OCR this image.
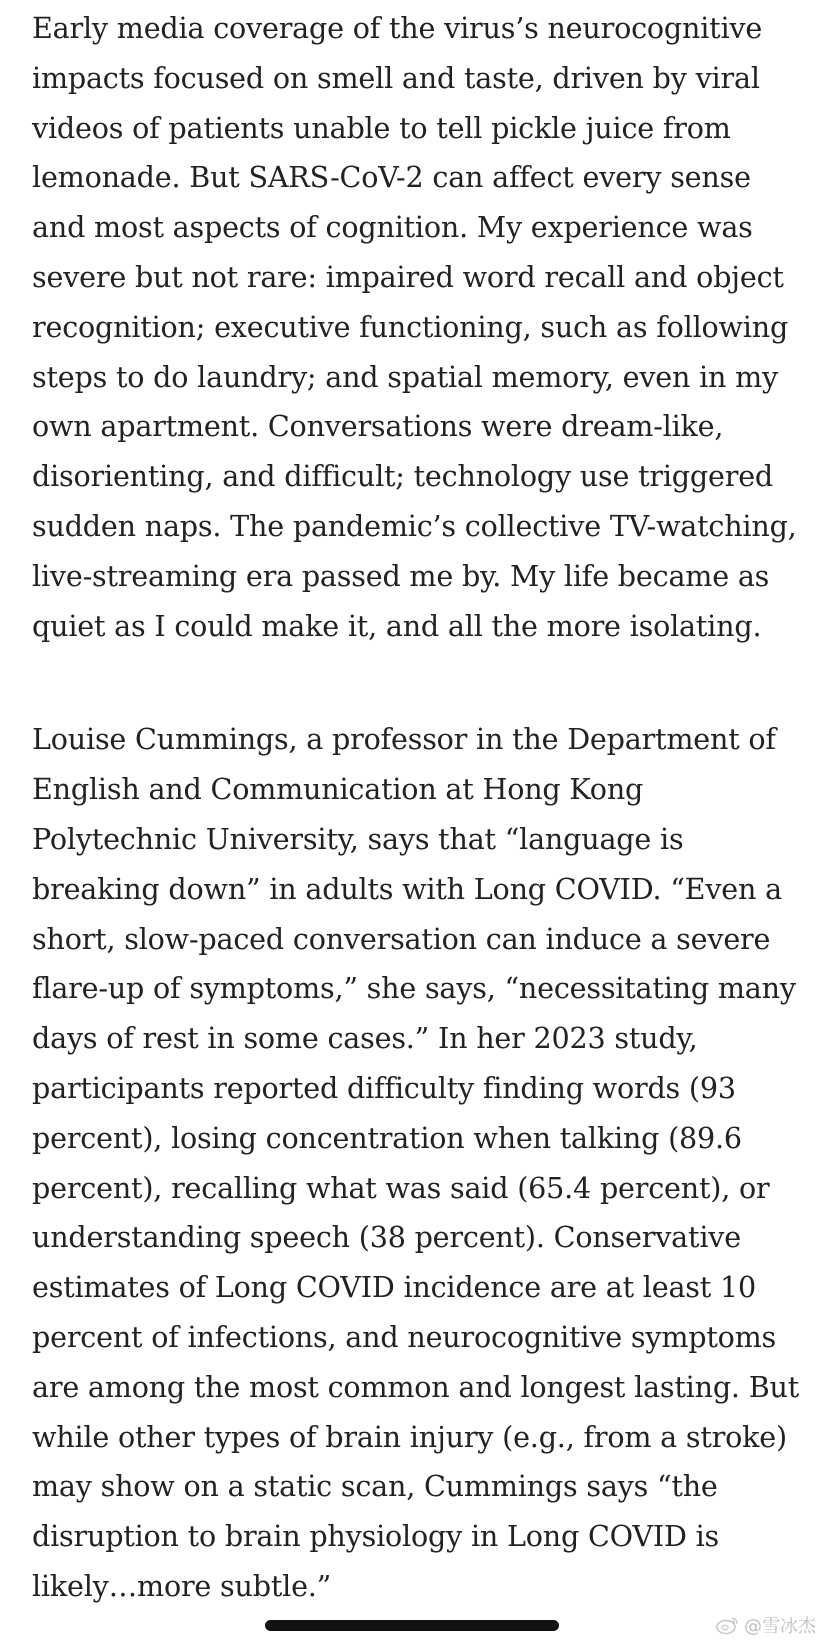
Early media coverage of the virus’s neurocognitive impacts focused on smell and taste, driven by viral videos of patients unable to tell pickle juice from lemonade. But SARS-CoV-2 can affect every sense and most aspects of cognition. My experience was severe but not rare: impaired word recall and object recognition; executive functioning, such as following steps to do laundry; and spatial memory, even in my own apartment. Conversations were dream-like, disorienting, and difficult; technology use triggered sudden naps. The pandemic’s collective TV-watching, live-streaming era passed me by. My life became as quiet as I could make it, and all the more isolating.

Louise Cummings, a professor in the Department of English and Communication at Hong Kong Polytechnic University, says that “language is breaking down” in adults with Long COVID. “Even a short, slow-paced conversation can induce a severe flare-up of symptoms,” she says, “necessitating many days of rest in some cases.” In her 2023 study, participants reported difficulty finding words (93 percent), losing concentration when talking (89.6 percent), recalling what was said (65.4 percent), or understanding speech (38 percent). Conservative estimates of Long COVID incidence are at least 10 percent of infections, and neurocognitive symptoms are among the most common and longest lasting. But while other types of brain injury (e.g., from a stroke) may show on a static scan, Cummings says “the disruption to brain physiology in Long COVID is likely…more subtle.”

@雪冰杰
